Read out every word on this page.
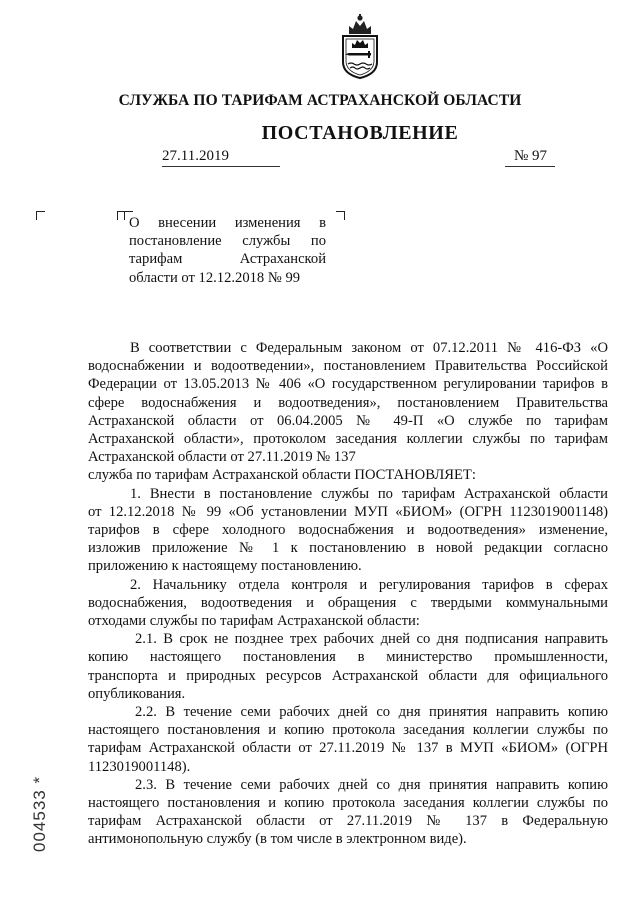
СЛУЖБА ПО ТАРИФАМ АСТРАХАНСКОЙ ОБЛАСТИ
ПОСТАНОВЛЕНИЕ
27.11.2019	№ 97
О внесении изменения в
постановление службы по
тарифам Астраханской
области от 12.12.2018 № 99
В соответствии с Федеральным законом от 07.12.2011 № 416-ФЗ «О
водоснабжении и водоотведении», постановлением Правительства Российской
Федерации от 13.05.2013 № 406 «О государственном регулировании тарифов в
сфере водоснабжения и водоотведения», постановлением Правительства
Астраханской области от 06.04.2005 № 49-П «О службе по тарифам
Астраханской области», протоколом заседания коллегии службы по тарифам
Астраханской области от 27.11.2019 № 137
служба по тарифам Астраханской области ПОСТАНОВЛЯЕТ:
1. Внести в постановление службы по тарифам Астраханской области
от 12.12.2018 № 99 «Об установлении МУП «БИОМ» (ОГРН 1123019001148)
тарифов в сфере холодного водоснабжения и водоотведения» изменение,
изложив приложение № 1 к постановлению в новой редакции согласно
приложению к настоящему постановлению.
2. Начальнику отдела контроля и регулирования тарифов в сферах
водоснабжения, водоотведения и обращения с твердыми коммунальными
отходами службы по тарифам Астраханской области:
2.1. В срок не позднее трех рабочих дней со дня подписания направить
копию настоящего постановления в министерство промышленности,
транспорта и природных ресурсов Астраханской области для официального
опубликования.
2.2. В течение семи рабочих дней со дня принятия направить копию
настоящего постановления и копию протокола заседания коллегии службы по
тарифам Астраханской области от 27.11.2019 № 137 в МУП «БИОМ» (ОГРН
1123019001148).
2.3. В течение семи рабочих дней со дня принятия направить копию
настоящего постановления и копию протокола заседания коллегии службы по
тарифам Астраханской области от 27.11.2019 № 137 в Федеральную
антимонопольную службу (в том числе в электронном виде).
004533 *
